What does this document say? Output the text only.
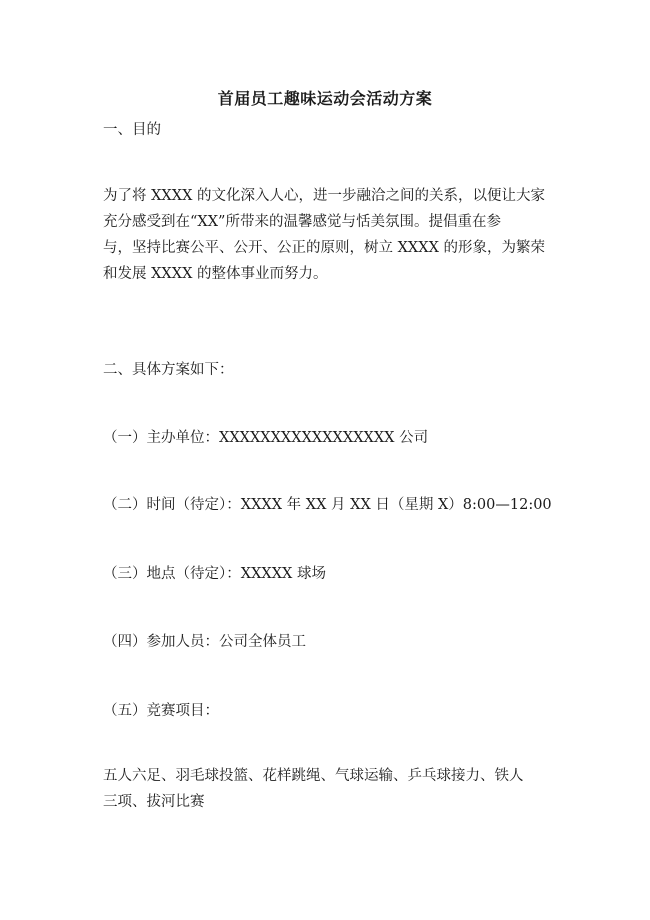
首届员工趣味运动会活动方案
一、目的
为了将 XXXX 的文化深入人心，进一步融洽之间的关系，以便让大家
充分感受到在“XX”所带来的温馨感觉与恬美氛围。提倡重在参
与，坚持比赛公平、公开、公正的原则，树立 XXXX 的形象，为繁荣
和发展 XXXX 的整体事业而努力。
二、具体方案如下：
（一）主办单位：XXXXXXXXXXXXXXXXX 公司
（二）时间（待定）：XXXX 年 XX 月 XX 日（星期 X）8:00—12:00
（三）地点（待定）：XXXXX 球场
（四）参加人员：公司全体员工
（五）竞赛项目：
五人六足、羽毛球投篮、花样跳绳、气球运输、乒乓球接力、铁人
三项、拔河比赛
